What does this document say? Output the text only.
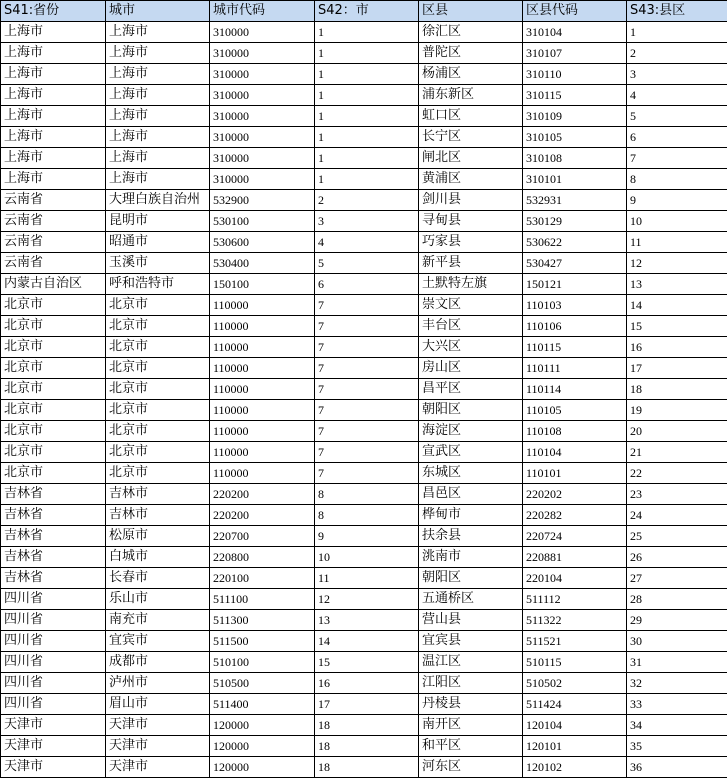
S41:省份	城市	城市代码	S42：市	区县	区县代码	S43:县区
上海市	上海市	310000	1	徐汇区	310104	1
上海市	上海市	310000	1	普陀区	310107	2
上海市	上海市	310000	1	杨浦区	310110	3
上海市	上海市	310000	1	浦东新区	310115	4
上海市	上海市	310000	1	虹口区	310109	5
上海市	上海市	310000	1	长宁区	310105	6
上海市	上海市	310000	1	闸北区	310108	7
上海市	上海市	310000	1	黄浦区	310101	8
云南省	大理白族自治州	532900	2	剑川县	532931	9
云南省	昆明市	530100	3	寻甸县	530129	10
云南省	昭通市	530600	4	巧家县	530622	11
云南省	玉溪市	530400	5	新平县	530427	12
内蒙古自治区	呼和浩特市	150100	6	土默特左旗	150121	13
北京市	北京市	110000	7	崇文区	110103	14
北京市	北京市	110000	7	丰台区	110106	15
北京市	北京市	110000	7	大兴区	110115	16
北京市	北京市	110000	7	房山区	110111	17
北京市	北京市	110000	7	昌平区	110114	18
北京市	北京市	110000	7	朝阳区	110105	19
北京市	北京市	110000	7	海淀区	110108	20
北京市	北京市	110000	7	宣武区	110104	21
北京市	北京市	110000	7	东城区	110101	22
吉林省	吉林市	220200	8	昌邑区	220202	23
吉林省	吉林市	220200	8	桦甸市	220282	24
吉林省	松原市	220700	9	扶余县	220724	25
吉林省	白城市	220800	10	洮南市	220881	26
吉林省	长春市	220100	11	朝阳区	220104	27
四川省	乐山市	511100	12	五通桥区	511112	28
四川省	南充市	511300	13	营山县	511322	29
四川省	宜宾市	511500	14	宜宾县	511521	30
四川省	成都市	510100	15	温江区	510115	31
四川省	泸州市	510500	16	江阳区	510502	32
四川省	眉山市	511400	17	丹棱县	511424	33
天津市	天津市	120000	18	南开区	120104	34
天津市	天津市	120000	18	和平区	120101	35
天津市	天津市	120000	18	河东区	120102	36
